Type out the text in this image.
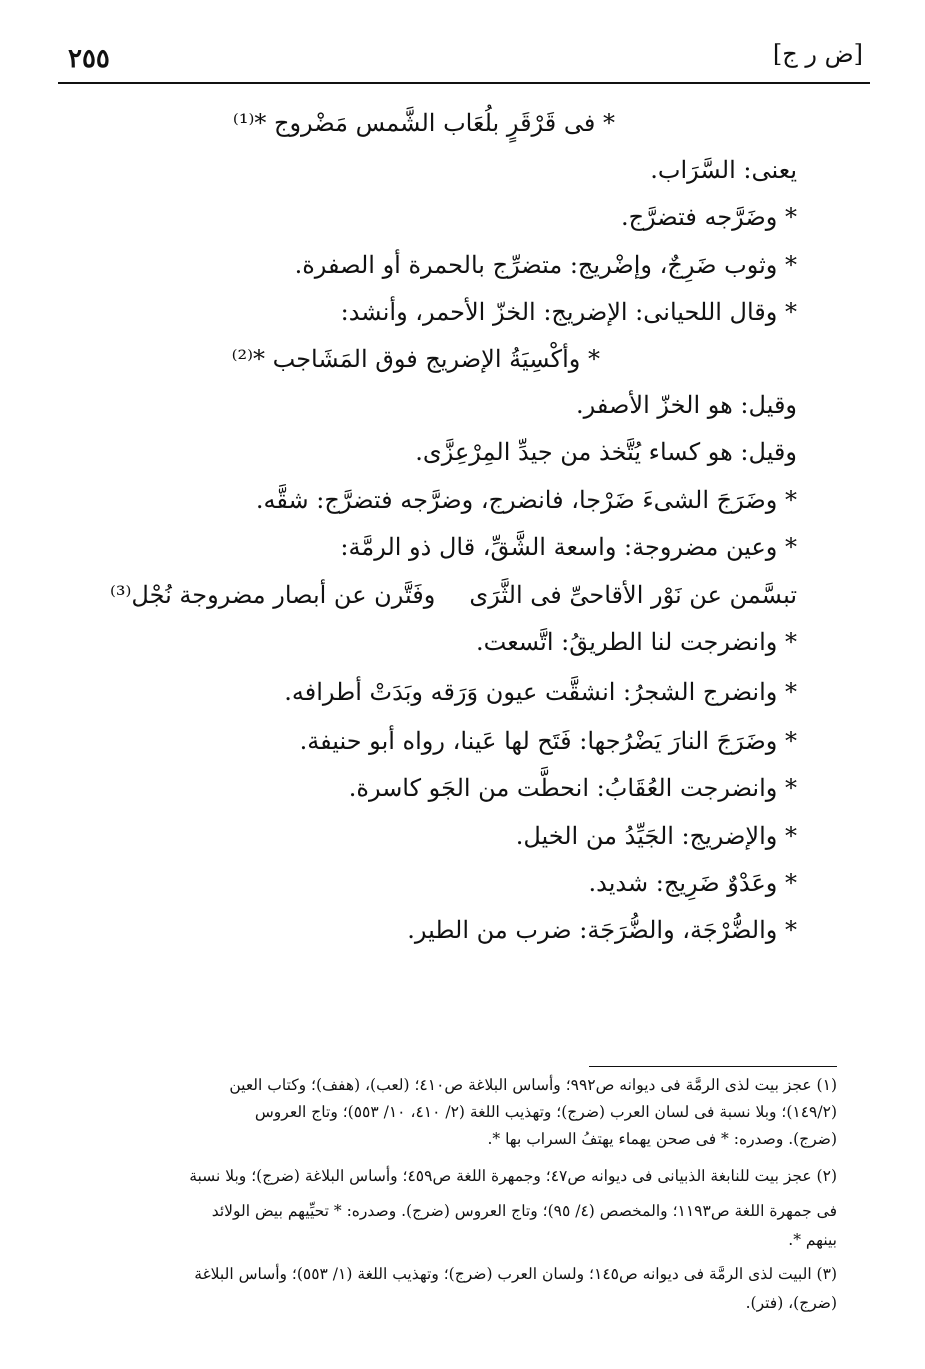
[ض ر ج]
٢٥٥
* فى قَرْقَرٍ بلُعَاب الشَّمس مَضْروج *⁽¹⁾
يعنى: السَّرَاب.
* وضَرَّجه فتضرَّج.
* وثوب ضَرِجٌ، وإضْريج: متضرِّج بالحمرة أو الصفرة.
* وقال اللحيانى: الإضريج: الخزّ الأحمر، وأنشد:
* وأكْسِيَةُ الإضريج فوق المَشَاجب *⁽²⁾
وقيل: هو الخزّ الأصفر.
وقيل: هو كساء يُتَّخذ من جيدِّ المِرْعِزَّى.
* وضَرَجَ الشىءَ ضَرْجا، فانضرج، وضرَّجه فتضرَّج: شقَّه.
* وعين مضروجة: واسعة الشَّقِّ، قال ذو الرمَّة:
تبسَّمن عن نَوْر الأقاحىِّ فى الثَّرَى
وفَتَّرن عن أبصار مضروجة نُجْل⁽³⁾
* وانضرجت لنا الطريقُ: اتَّسعت.
* وانضرج الشجرُ: انشقَّت عيون وَرَقه وبَدَتْ أطرافه.
* وضَرَجَ النارَ يَضْرُجها: فَتَح لها عَينا، رواه أبو حنيفة.
* وانضرجت العُقَابُ: انحطَّت من الجَو كاسرة.
* والإضريج: الجَيِّدُ من الخيل.
* وعَدْوٌ ضَرِيج: شديد.
* والضُّرْجَة، والضُّرَجَة: ضرب من الطير.
(١) عجز بيت لذى الرمَّة فى ديوانه ص٩٩٢؛ وأساس البلاغة ص٤١٠؛ (لعب)، (هفف)؛ وكتاب العين
(١٤٩/٢)؛ وبلا نسبة فى لسان العرب (ضرج)؛ وتهذيب اللغة (٢/ ٤١٠، ١٠/ ٥٥٣)؛ وتاج العروس
(ضرج). وصدره: * فى صحن يهماء يهتفُ السراب بها *.
(٢) عجز بيت للنابغة الذبيانى فى ديوانه ص٤٧؛ وجمهرة اللغة ص٤٥٩؛ وأساس البلاغة (ضرج)؛ وبلا نسبة
فى جمهرة اللغة ص١١٩٣؛ والمخصص (٤/ ٩٥)؛ وتاج العروس (ضرج). وصدره: * تحيِّيهم بيض الولائد
بينهم *.
(٣) البيت لذى الرمَّة فى ديوانه ص١٤٥؛ ولسان العرب (ضرج)؛ وتهذيب اللغة (١/ ٥٥٣)؛ وأساس البلاغة
(ضرج)، (فتر).
